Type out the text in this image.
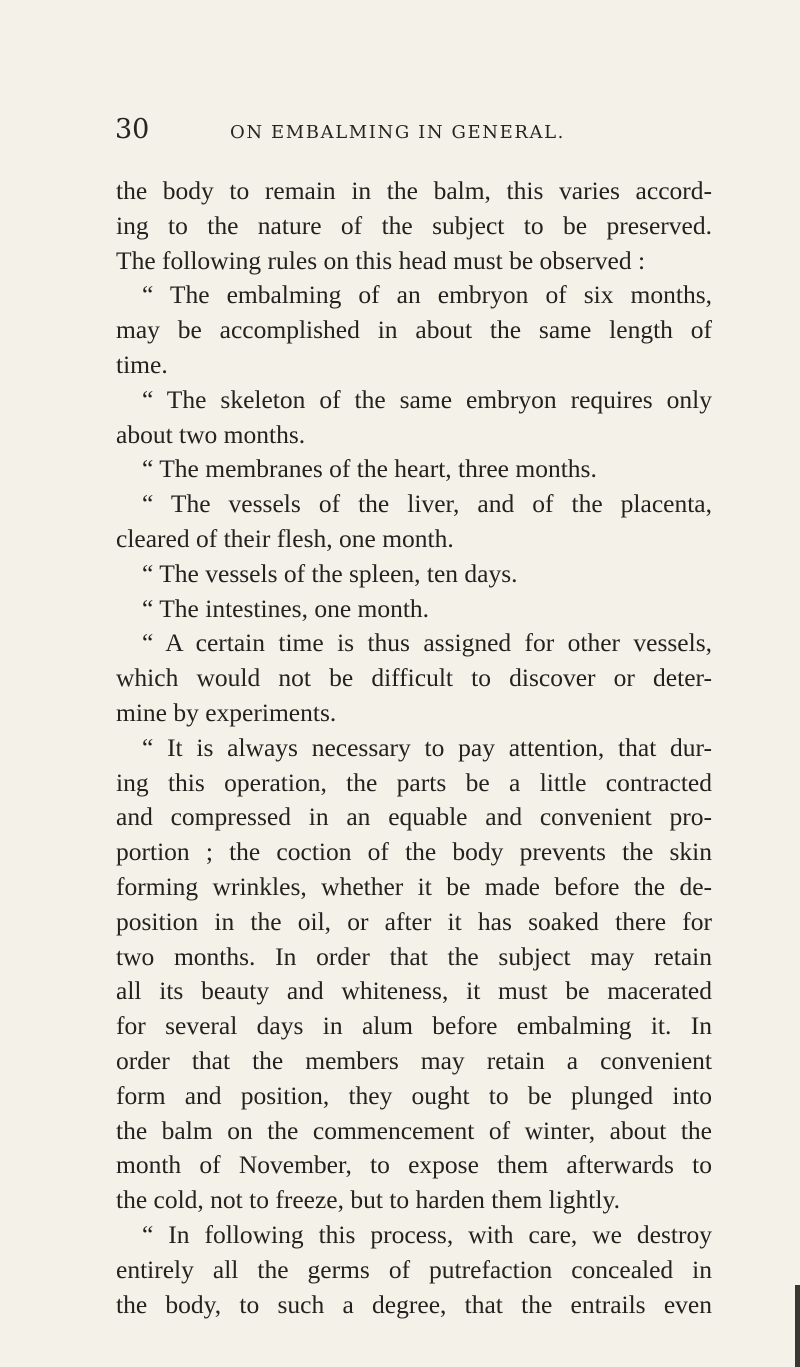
30	ON EMBALMING IN GENERAL.
the body to remain in the balm, this varies accord-
ing to the nature of the subject to be preserved.
The following rules on this head must be observed :
“ The embalming of an embryon of six months,
may be accomplished in about the same length of
time.
“ The skeleton of the same embryon requires only
about two months.
“ The membranes of the heart, three months.
“ The vessels of the liver, and of the placenta,
cleared of their flesh, one month.
“ The vessels of the spleen, ten days.
“ The intestines, one month.
“ A certain time is thus assigned for other vessels,
which would not be difficult to discover or deter-
mine by experiments.
“ It is always necessary to pay attention, that dur-
ing this operation, the parts be a little contracted
and compressed in an equable and convenient pro-
portion ; the coction of the body prevents the skin
forming wrinkles, whether it be made before the de-
position in the oil, or after it has soaked there for
two months. In order that the subject may retain
all its beauty and whiteness, it must be macerated
for several days in alum before embalming it. In
order that the members may retain a convenient
form and position, they ought to be plunged into
the balm on the commencement of winter, about the
month of November, to expose them afterwards to
the cold, not to freeze, but to harden them lightly.
“ In following this process, with care, we destroy
entirely all the germs of putrefaction concealed in
the body, to such a degree, that the entrails even
